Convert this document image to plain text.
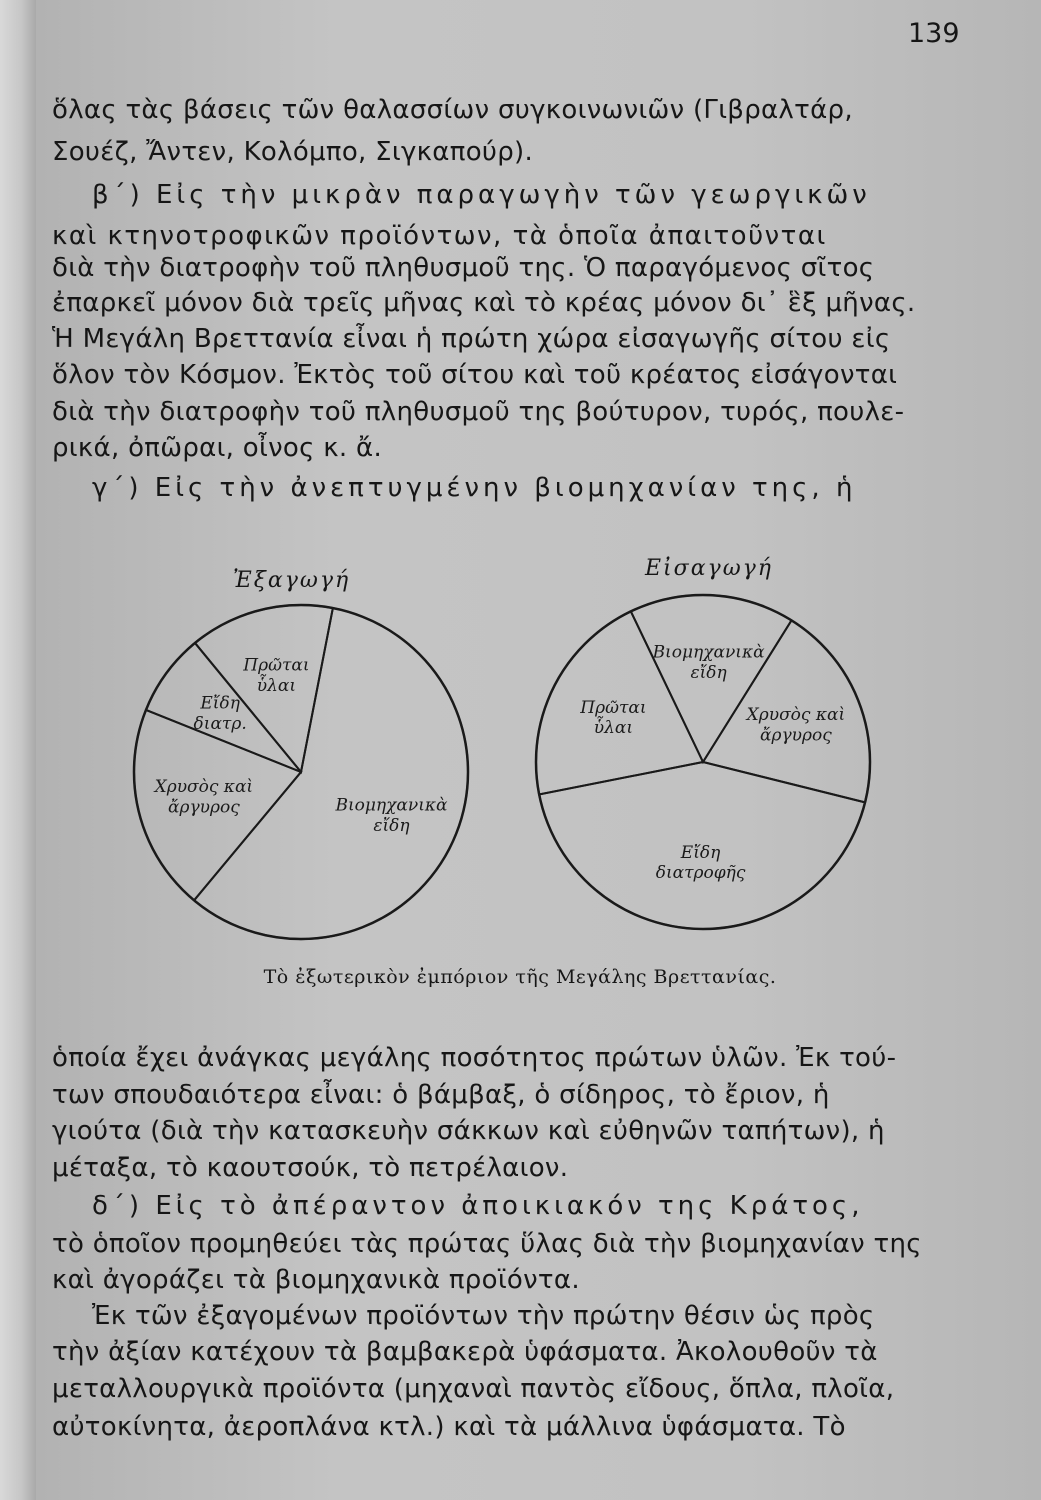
139

ὅλας τὰς βάσεις τῶν θαλασσίων συγκοινωνιῶν (Γιβραλτάρ,

Σουέζ, Ἄντεν, Κολόμπο, Σιγκαπούρ).

β΄) Εἰς τὴν μικρὰν παραγωγὴν τῶν γεωργικῶν

καὶ κτηνοτροφικῶν προϊόντων, τὰ ὁποῖα ἀπαιτοῦνται

διὰ τὴν διατροφὴν τοῦ πληθυσμοῦ της. Ὁ παραγόμενος σῖτος

ἐπαρκεῖ μόνον διὰ τρεῖς μῆνας καὶ τὸ κρέας μόνον δι᾿ ἓξ μῆνας.

Ἡ Μεγάλη Βρεττανία εἶναι ἡ πρώτη χώρα εἰσαγωγῆς σίτου εἰς

ὅλον τὸν Κόσμον. Ἐκτὸς τοῦ σίτου καὶ τοῦ κρέατος εἰσάγονται

διὰ τὴν διατροφὴν τοῦ πληθυσμοῦ της βούτυρον, τυρός, πουλε-

ρικά, ὀπῶραι, οἶνος κ. ἄ.

γ΄) Εἰς τὴν ἀνεπτυγμένην βιομηχανίαν της, ἡ

Ἐξαγωγή	Εἰσαγωγή
Βιομηχανικὰ εἴδη
Χρυσὸς καὶ ἄργυρος
Εἴδη διατρ.
Πρῶται ὗλαι
Εἴδη διατροφῆς
Πρῶται ὗλαι
Βιομηχανικὰ εἴδη
Χρυσὸς καὶ ἄργυρος
Τὸ ἐξωτερικὸν ἐμπόριον τῆς Μεγάλης Βρεττανίας.

ὁποία ἔχει ἀνάγκας μεγάλης ποσότητος πρώτων ὑλῶν. Ἐκ τού-

των σπουδαιότερα εἶναι: ὁ βάμβαξ, ὁ σίδηρος, τὸ ἔριον, ἡ

γιούτα (διὰ τὴν κατασκευὴν σάκκων καὶ εὐθηνῶν ταπήτων), ἡ

μέταξα, τὸ καουτσούκ, τὸ πετρέλαιον.

δ΄) Εἰς τὸ ἀπέραντον ἀποικιακόν της Κράτος,

τὸ ὁποῖον προμηθεύει τὰς πρώτας ὕλας διὰ τὴν βιομηχανίαν της

καὶ ἀγοράζει τὰ βιομηχανικὰ προϊόντα.

Ἐκ τῶν ἐξαγομένων προϊόντων τὴν πρώτην θέσιν ὡς πρὸς

τὴν ἀξίαν κατέχουν τὰ βαμβακερὰ ὑφάσματα. Ἀκολουθοῦν τὰ

μεταλλουργικὰ προϊόντα (μηχαναὶ παντὸς εἴδους, ὅπλα, πλοῖα,

αὐτοκίνητα, ἀεροπλάνα κτλ.) καὶ τὰ μάλλινα ὑφάσματα. Τὸ
